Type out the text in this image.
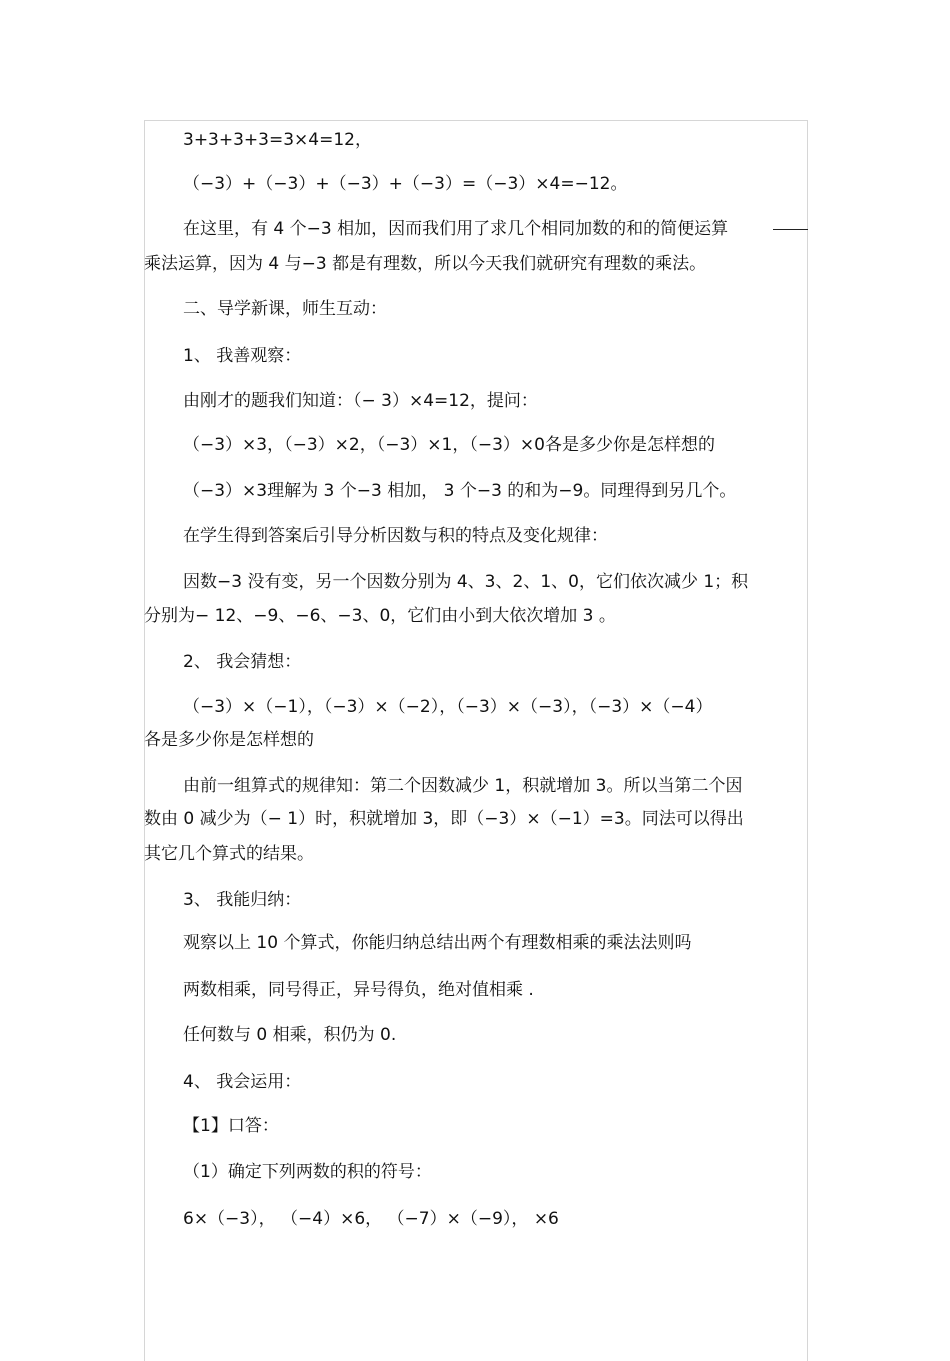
3+3+3+3=3×4=12，
（−3）+（−3）+（−3）+（−3）=（−3）×4=−12。
在这里，有 4 个−3 相加，因而我们用了求几个相同加数的和的简便运算
乘法运算，因为 4 与−3 都是有理数，所以今天我们就研究有理数的乘法。
二、导学新课，师生互动：
1、 我善观察：
由刚才的题我们知道：（− 3）×4=12，提问：
（−3）×3，（−3）×2，（−3）×1，（−3）×0各是多少你是怎样想的
（−3）×3理解为 3 个−3 相加， 3 个−3 的和为−9。同理得到另几个。
在学生得到答案后引导分析因数与积的特点及变化规律：
因数−3 没有变，另一个因数分别为 4、3、2、1、0，它们依次减少 1；积
分别为− 12、−9、−6、−3、0，它们由小到大依次增加 3 。
2、 我会猜想：
（−3）×（−1），（−3）×（−2），（−3）×（−3），（−3）×（−4）
各是多少你是怎样想的
由前一组算式的规律知：第二个因数减少 1，积就增加 3。所以当第二个因
数由 0 减少为（− 1）时，积就增加 3，即（−3）×（−1）=3。同法可以得出
其它几个算式的结果。
3、 我能归纳：
观察以上 10 个算式，你能归纳总结出两个有理数相乘的乘法法则吗
两数相乘，同号得正，异号得负，绝对值相乘 .
任何数与 0 相乘，积仍为 0.
4、 我会运用：
【1】口答：
（1）确定下列两数的积的符号：
6×（−3）， （−4）×6， （−7）×（−9）， ×6
